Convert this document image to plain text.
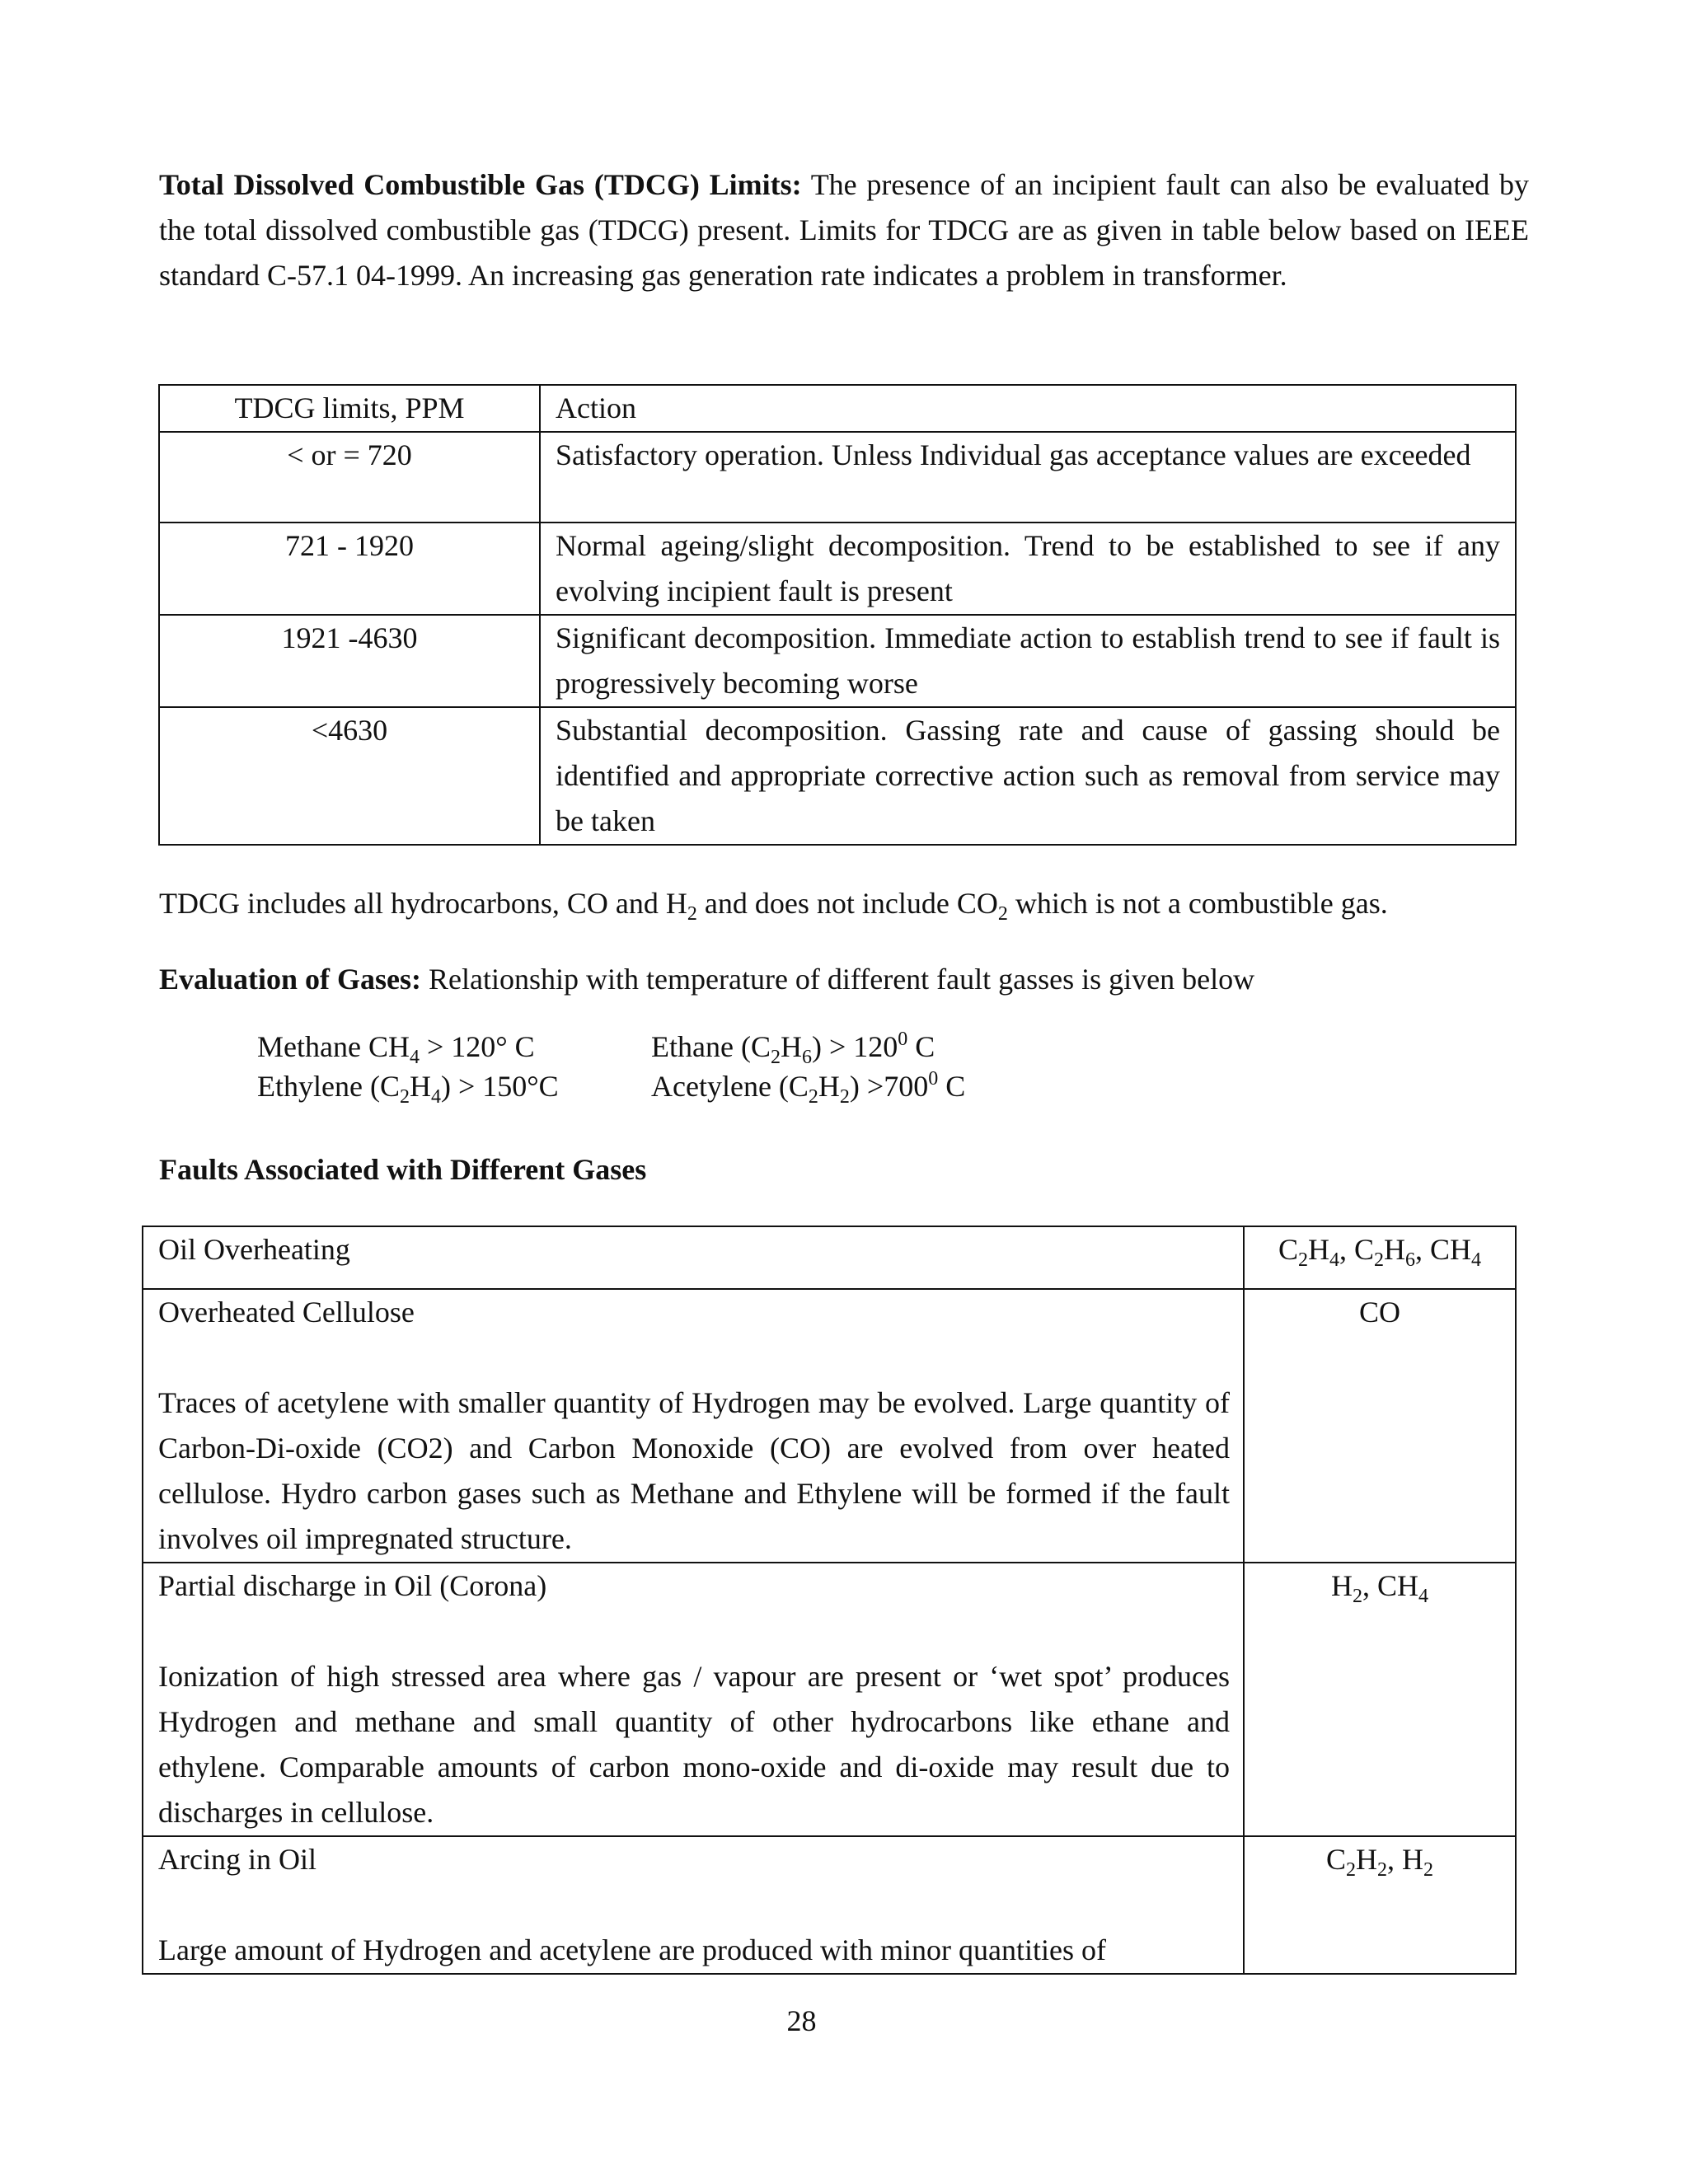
Total Dissolved Combustible Gas (TDCG) Limits: The presence of an incipient fault can also be evaluated by the total dissolved combustible gas (TDCG) present. Limits for TDCG are as given in table below based on IEEE standard C-57.1 04-1999. An increasing gas generation rate indicates a problem in transformer.

TDCG limits, PPM	Action
< or = 720	Satisfactory operation. Unless Individual gas acceptance values are exceeded
721 - 1920	Normal ageing/slight decomposition. Trend to be established to see if any evolving incipient fault is present
1921 -4630	Significant decomposition. Immediate action to establish trend to see if fault is progressively becoming worse
<4630	Substantial decomposition. Gassing rate and cause of gassing should be identified and appropriate corrective action such as removal from service may be taken

TDCG includes all hydrocarbons, CO and $H_2$ and does not include $CO_2$ which is not a combustible gas.

Evaluation of Gases: Relationship with temperature of different fault gasses is given below

Methane $CH_4 > 120^\circ$ C	Ethane $(C_2H_6) > 120^0$ C
Ethylene $(C_2H_4) > 150^\circ C$	Acetylene $(C_2H_2) >700^0$ C

Faults Associated with Different Gases

Oil Overheating	$C_2H_4$, $C_2H_6$, $CH_4$

Overheated Cellulose
Traces of acetylene with smaller quantity of Hydrogen may be evolved. Large quantity of Carbon-Di-oxide (CO2) and Carbon Monoxide (CO) are evolved from over heated cellulose. Hydro carbon gases such as Methane and Ethylene will be formed if the fault involves oil impregnated structure.	CO

Partial discharge in Oil (Corona)
Ionization of high stressed area where gas / vapour are present or ‘wet spot’ produces Hydrogen and methane and small quantity of other hydrocarbons like ethane and ethylene. Comparable amounts of carbon mono-oxide and di-oxide may result due to discharges in cellulose.	$H_2$, $CH_4$

Arcing in Oil
Large amount of Hydrogen and acetylene are produced with minor quantities of	$C_2H_2$, $H_2$
28
